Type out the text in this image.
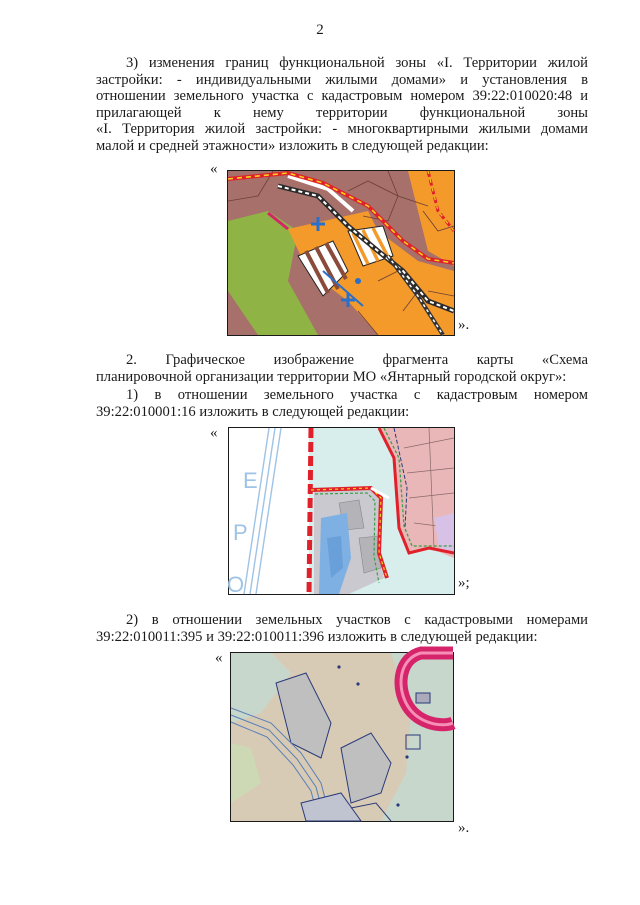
2
3) изменения границ функциональной зоны «I. Территории жилой
застройки: - индивидуальными жилыми домами» и установления в
отношении земельного участка с кадастровым номером 39:22:010020:48 и
прилагающей к нему территории функциональной зоны
«I. Территория жилой застройки: - многоквартирными жилыми домами
малой и средней этажности» изложить в следующей редакции:
«
».
2. Графическое изображение фрагмента карты «Схема
планировочной организации территории МО «Янтарный городской округ»:
1) в отношении земельного участка с кадастровым номером
39:22:010001:16 изложить в следующей редакции:
«
Е
Р
О	»;
2) в отношении земельных участков с кадастровыми номерами
39:22:010011:395 и 39:22:010011:396 изложить в следующей редакции:
«
».
